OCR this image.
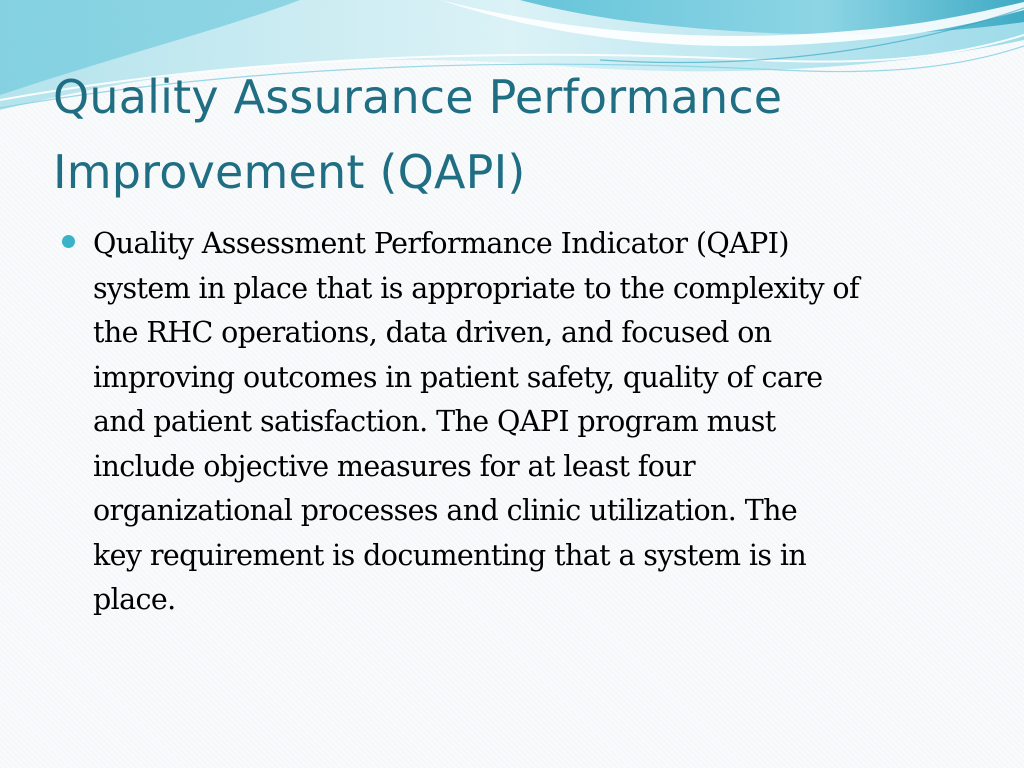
Quality Assurance Performance
Improvement (QAPI)

Quality Assessment Performance Indicator (QAPI)
system in place that is appropriate to the complexity of
the RHC operations, data driven, and focused on
improving outcomes in patient safety, quality of care
and patient satisfaction. The QAPI program must
include objective measures for at least four
organizational processes and clinic utilization. The
key requirement is documenting that a system is in
place.
